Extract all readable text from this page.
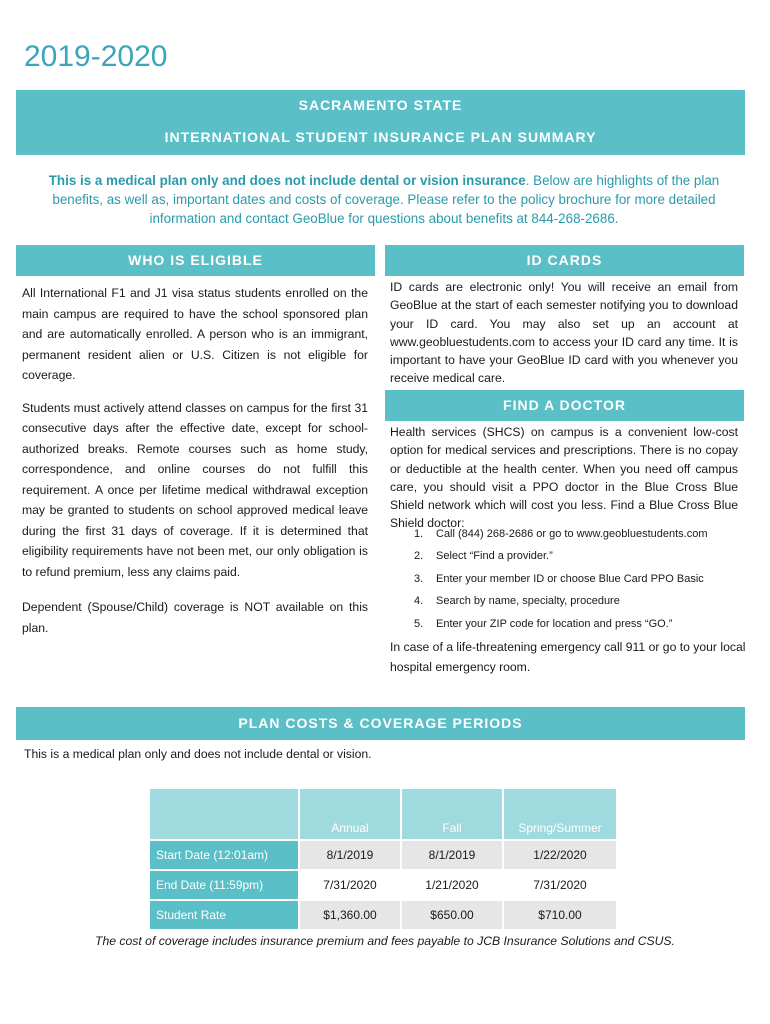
2019-2020
SACRAMENTO STATE
INTERNATIONAL STUDENT INSURANCE PLAN SUMMARY
This is a medical plan only and does not include dental or vision insurance. Below are highlights of the plan benefits, as well as, important dates and costs of coverage. Please refer to the policy brochure for more detailed information and contact GeoBlue for questions about benefits at 844-268-2686.
WHO IS ELIGIBLE

All International F1 and J1 visa status students enrolled on the main campus are required to have the school sponsored plan and are automatically enrolled. A person who is an immigrant, permanent resident alien or U.S. Citizen is not eligible for coverage.

Students must actively attend classes on campus for the first 31 consecutive days after the effective date, except for school-authorized breaks. Remote courses such as home study, correspondence, and online courses do not fulfill this requirement. A once per lifetime medical withdrawal exception may be granted to students on school approved medical leave during the first 31 days of coverage. If it is determined that eligibility requirements have not been met, our only obligation is to refund premium, less any claims paid.

Dependent (Spouse/Child) coverage is NOT available on this plan.

ID CARDS
ID cards are electronic only! You will receive an email from GeoBlue at the start of each semester notifying you to download your ID card. You may also set up an account at www.geobluestudents.com to access your ID card any time. It is important to have your GeoBlue ID card with you whenever you receive medical care.
FIND A DOCTOR
Health services (SHCS) on campus is a convenient low-cost option for medical services and prescriptions. There is no copay or deductible at the health center. When you need off campus care, you should visit a PPO doctor in the Blue Cross Blue Shield network which will cost you less. Find a Blue Cross Blue Shield doctor:
1.	Call (844) 268-2686 or go to www.geobluestudents.com
2.	Select “Find a provider.”
3.	Enter your member ID or choose Blue Card PPO Basic
4.	Search by name, specialty, procedure
5.	Enter your ZIP code for location and press “GO.”
In case of a life-threatening emergency call 911 or go to your local hospital emergency room.
PLAN COSTS & COVERAGE PERIODS
This is a medical plan only and does not include dental or vision.
	Annual	Fall	Spring/Summer
Start Date (12:01am)	8/1/2019	8/1/2019	1/22/2020
End Date (11:59pm)	7/31/2020	1/21/2020	7/31/2020
Student Rate	$1,360.00	$650.00	$710.00
The cost of coverage includes insurance premium and fees payable to JCB Insurance Solutions and CSUS.
